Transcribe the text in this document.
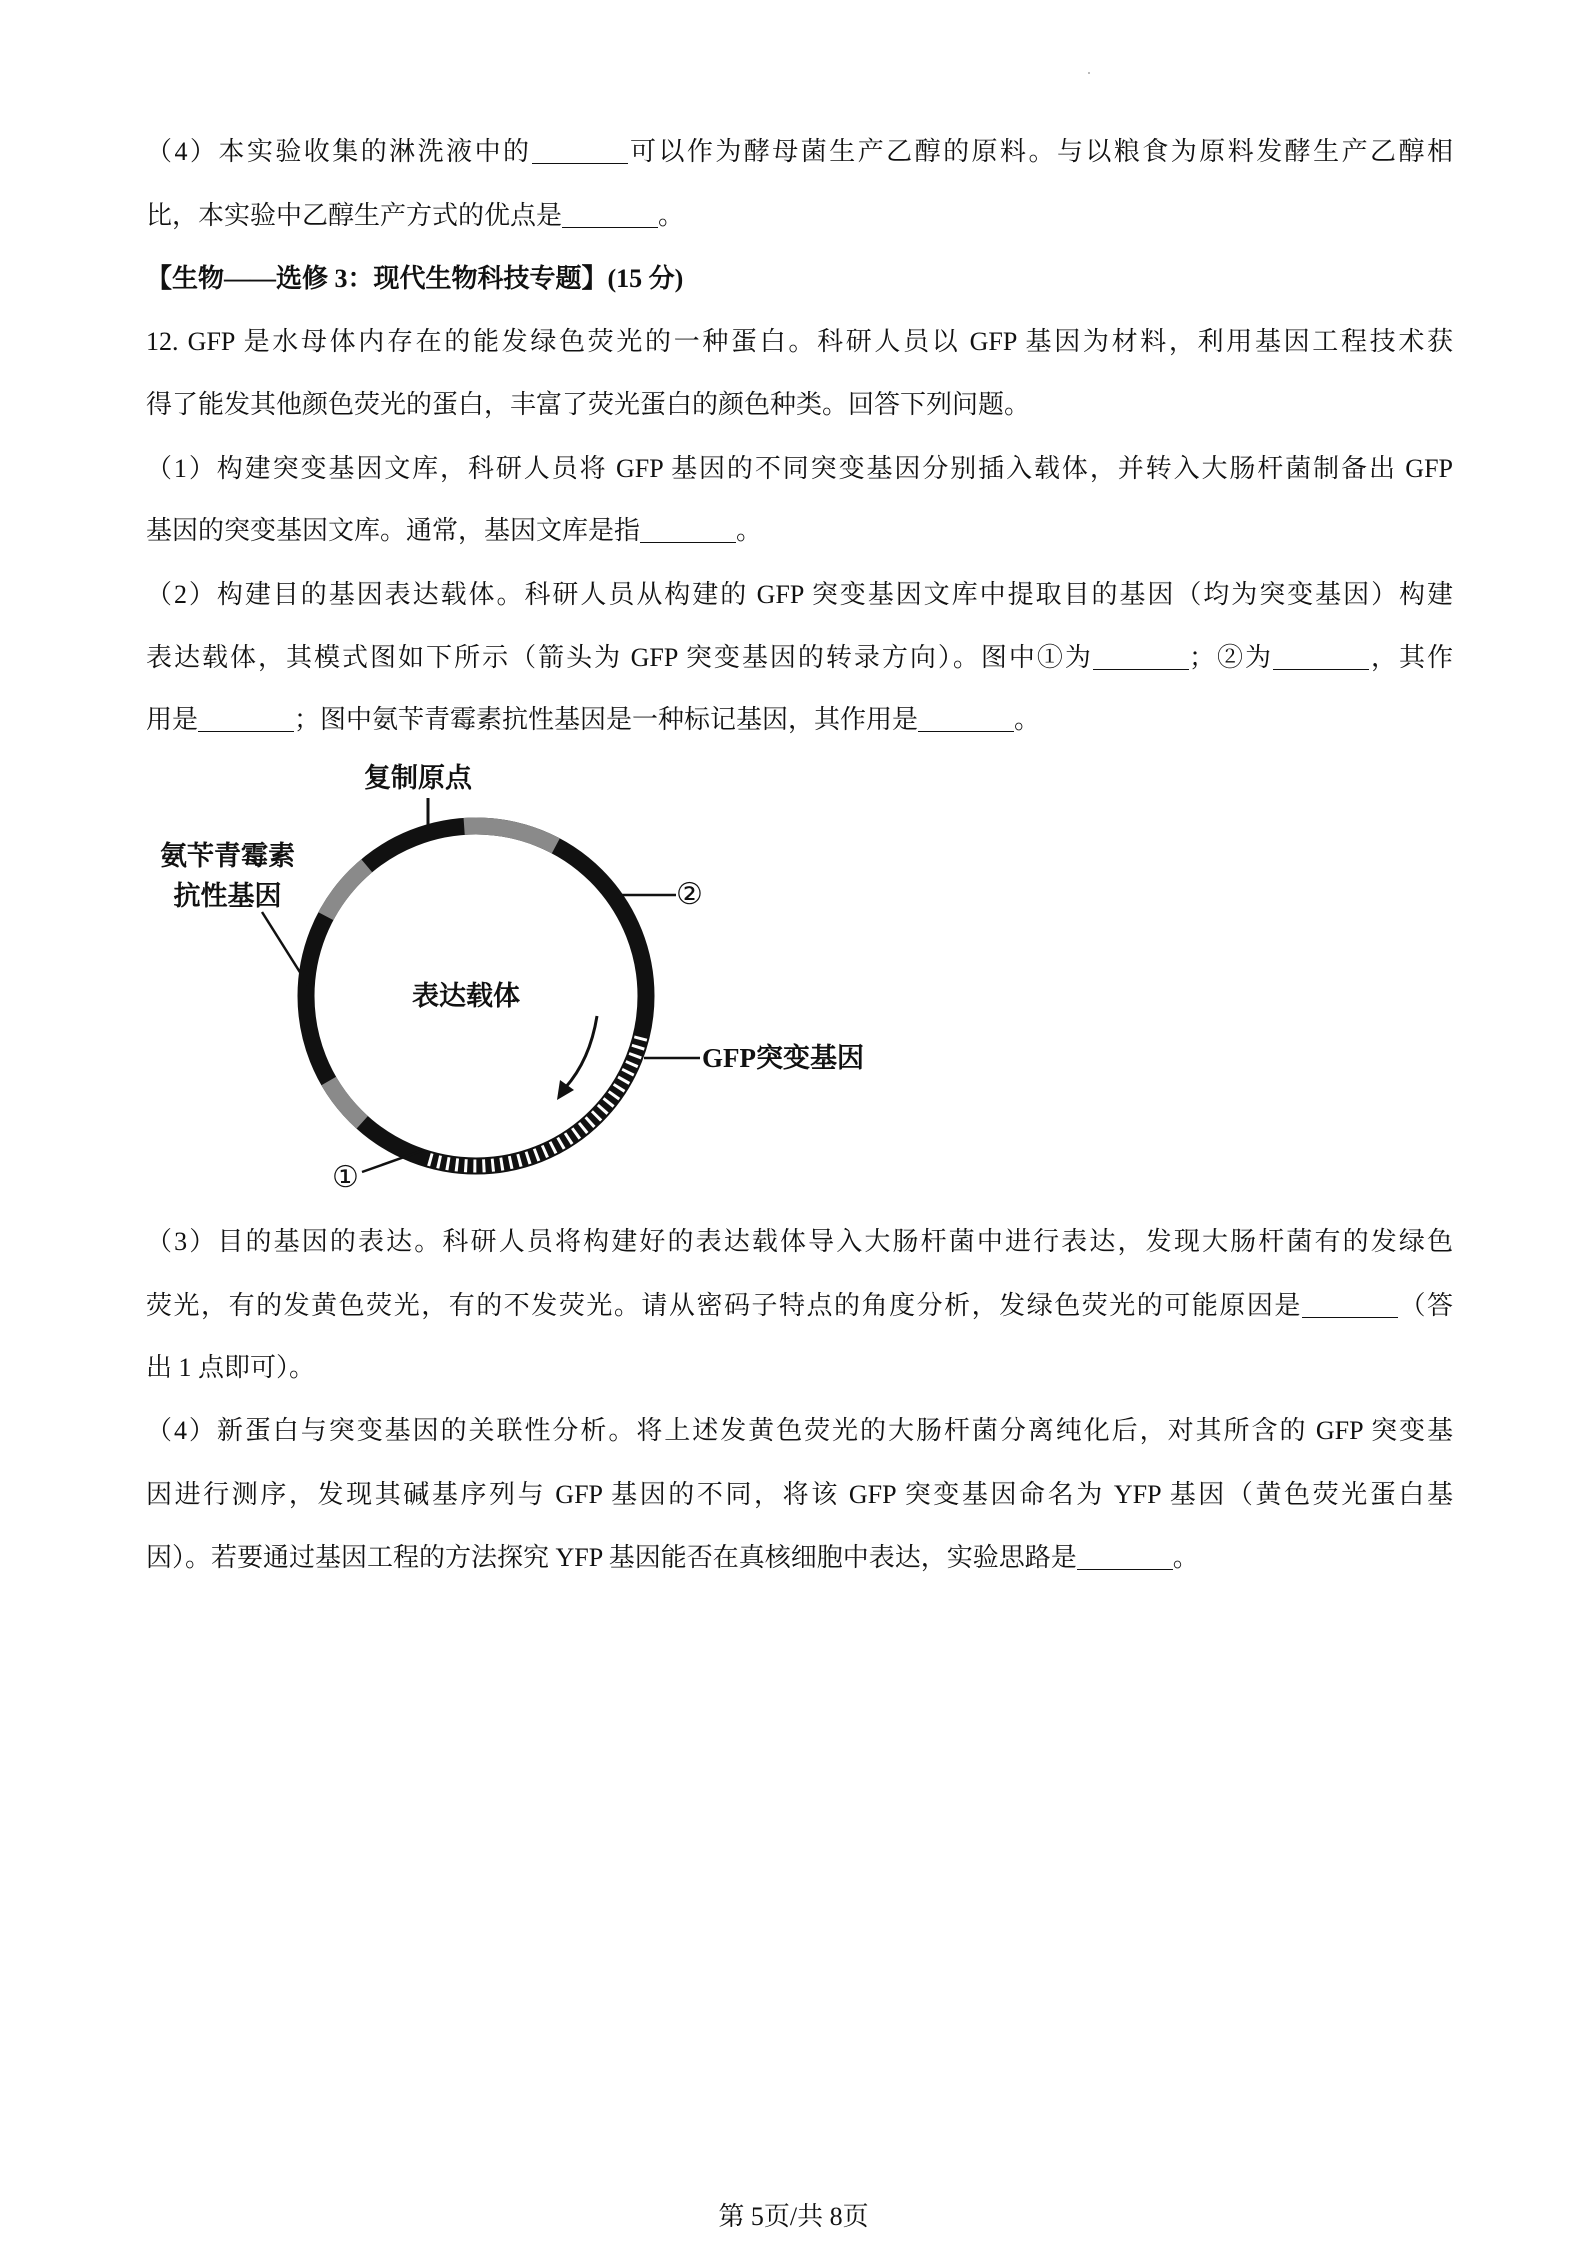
（4）本实验收集的淋洗液中的	可以作为酵母菌生产乙醇的原料。与以粮食为原料发酵生产乙醇相
比，本实验中乙醇生产方式的优点是	。
【生物——选修 3：现代生物科技专题】(15 分)
12. GFP 是水母体内存在的能发绿色荧光的一种蛋白。科研人员以 GFP 基因为材料，利用基因工程技术获
得了能发其他颜色荧光的蛋白，丰富了荧光蛋白的颜色种类。回答下列问题。
（1）构建突变基因文库，科研人员将 GFP 基因的不同突变基因分别插入载体，并转入大肠杆菌制备出 GFP
基因的突变基因文库。通常，基因文库是指	。
（2）构建目的基因表达载体。科研人员从构建的 GFP 突变基因文库中提取目的基因（均为突变基因）构建
表达载体，其模式图如下所示（箭头为 GFP 突变基因的转录方向）。图中①为	；②为	，其作
用是	；图中氨苄青霉素抗性基因是一种标记基因，其作用是	。
复制原点
氨苄青霉素
抗性基因	②
表达载体
GFP突变基因
①
（3）目的基因的表达。科研人员将构建好的表达载体导入大肠杆菌中进行表达，发现大肠杆菌有的发绿色
荧光，有的发黄色荧光，有的不发荧光。请从密码子特点的角度分析，发绿色荧光的可能原因是	（答
出 1 点即可）。
（4）新蛋白与突变基因的关联性分析。将上述发黄色荧光的大肠杆菌分离纯化后，对其所含的 GFP 突变基
因进行测序，发现其碱基序列与 GFP 基因的不同，将该 GFP 突变基因命名为 YFP 基因（黄色荧光蛋白基
因）。若要通过基因工程的方法探究 YFP 基因能否在真核细胞中表达，实验思路是	。
第 5页/共 8页
